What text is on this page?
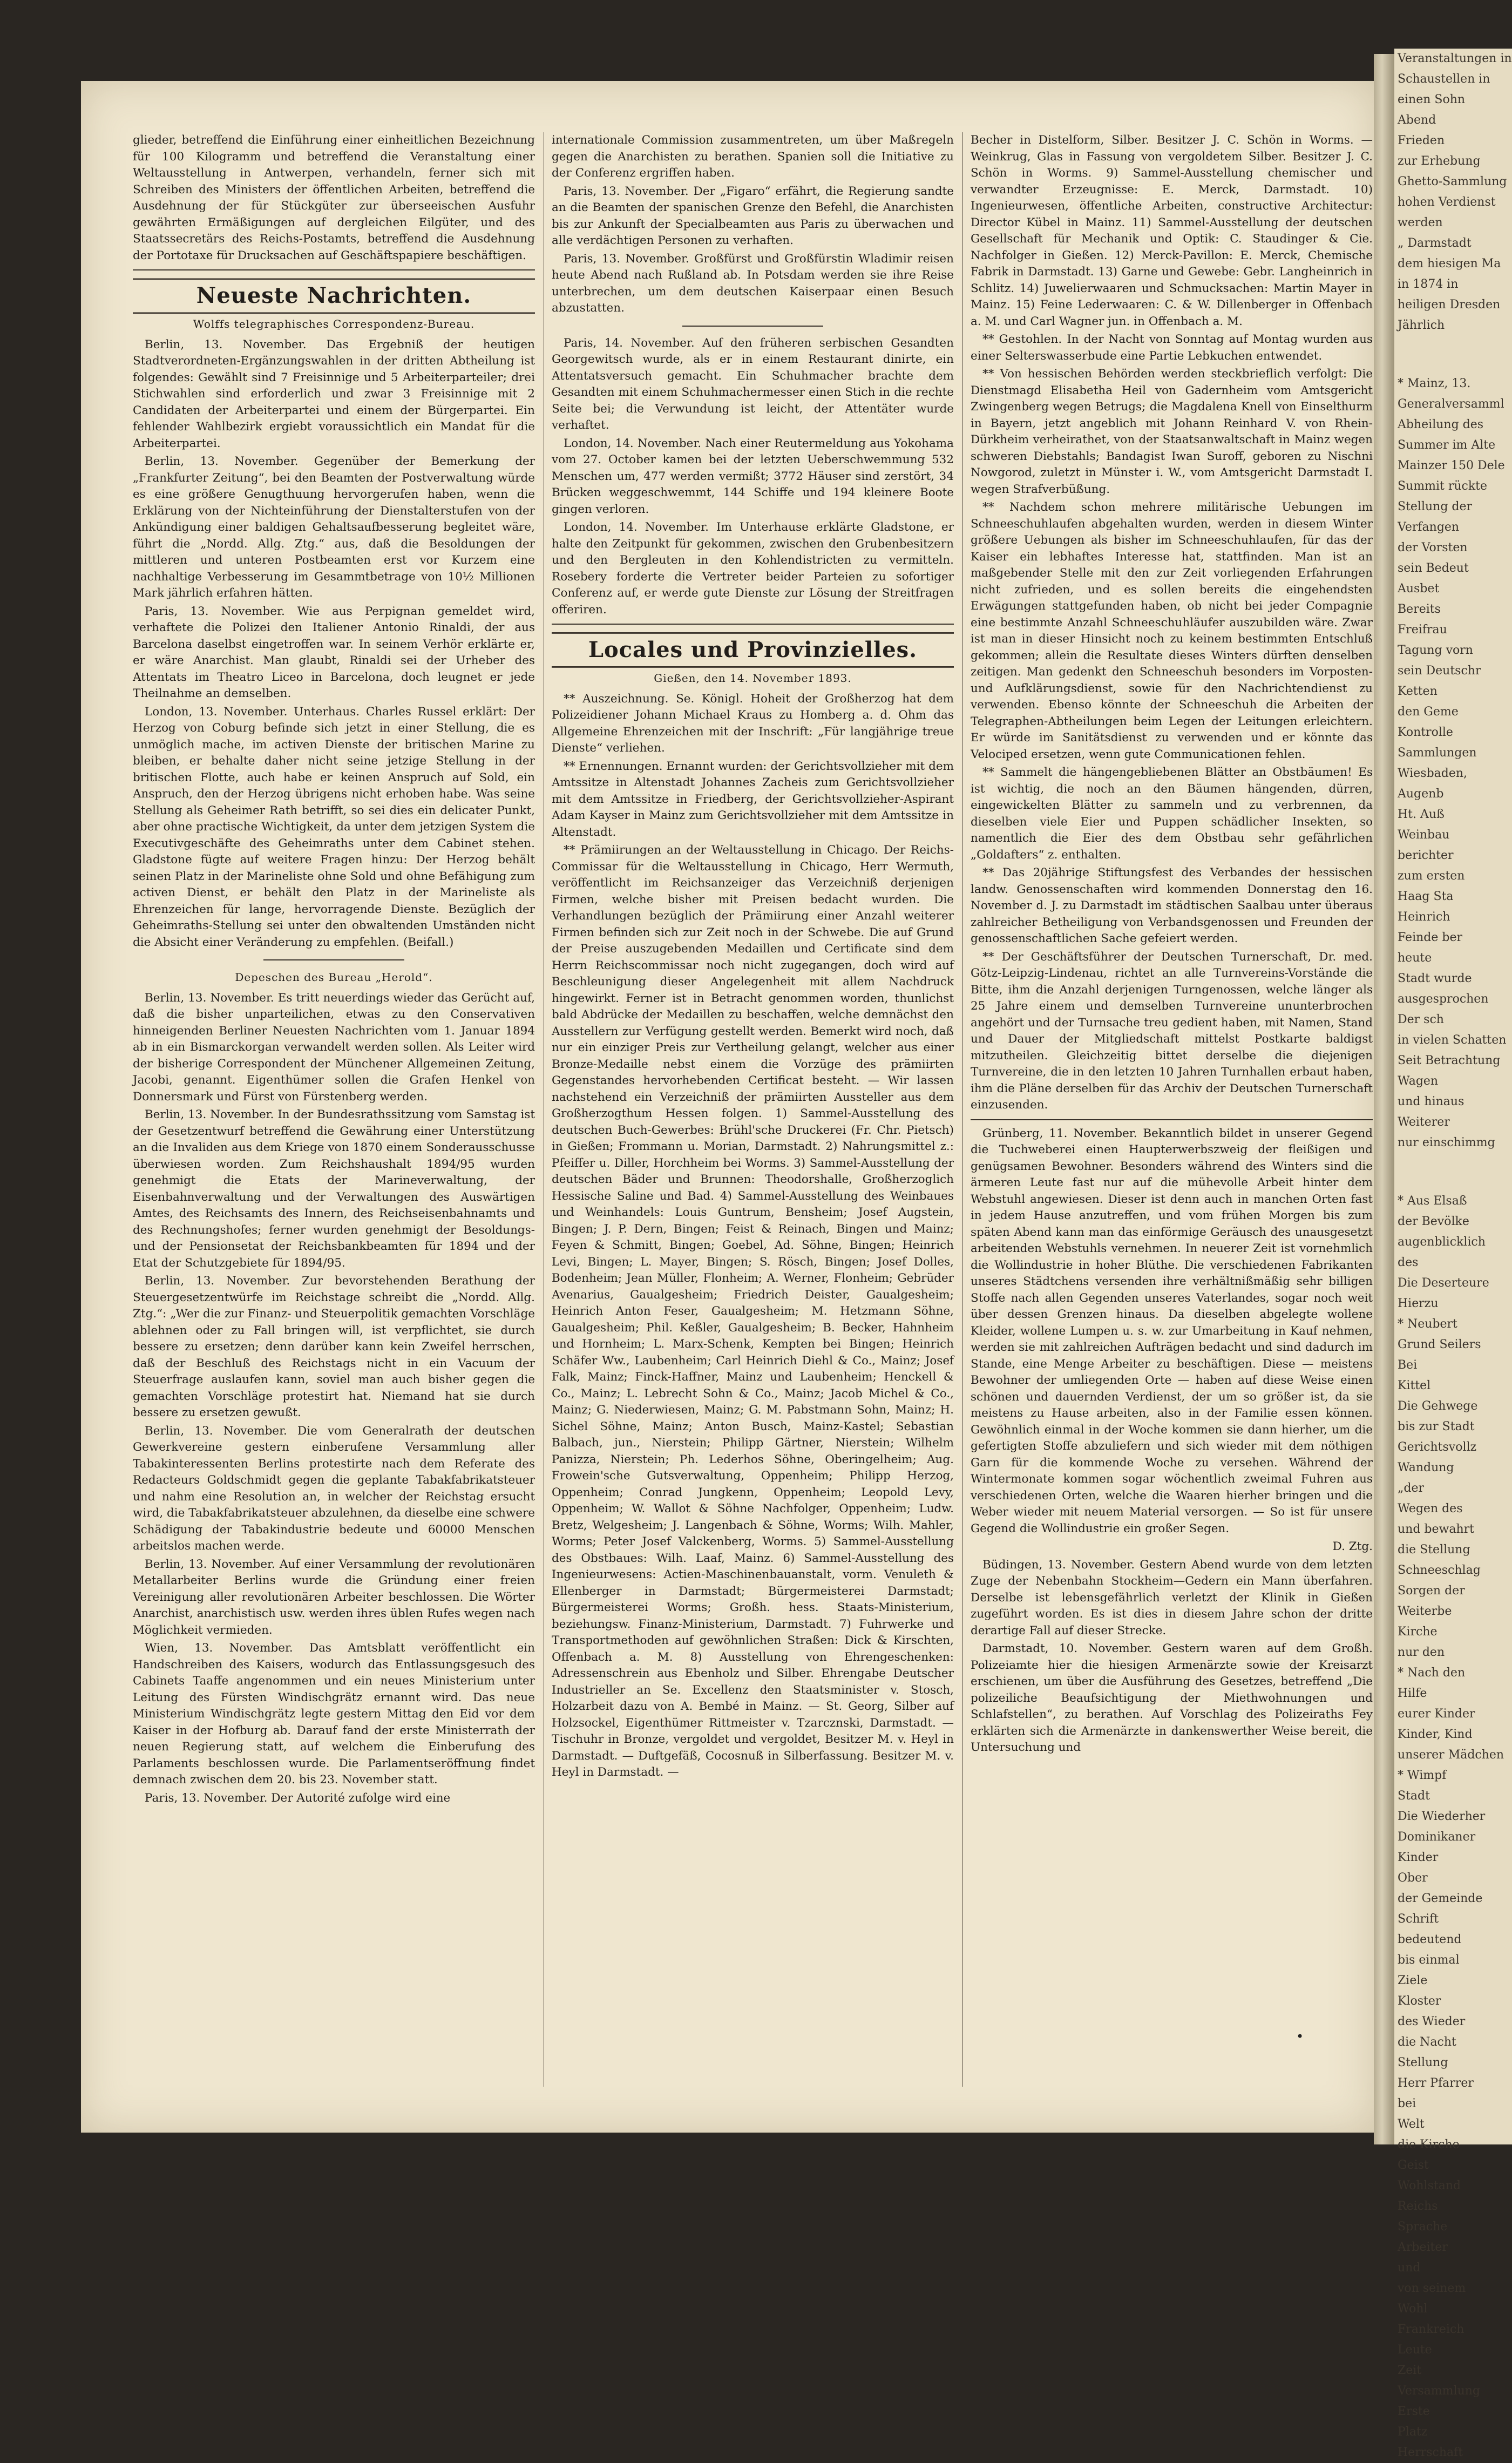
Veranstaltungen in
Schaustellen in
einen Sohn
Abend
Frieden
zur Erhebung
Ghetto-Sammlung
hohen Verdienst
werden
„ Darmstadt
dem hiesigen Ma
in 1874 in
heiligen Dresden
Jährlich
* Mainz, 13.
Generalversamml
Abheilung des
Summer im Alte
Mainzer 150 Dele
Summit rückte
Stellung der
Verfangen
der Vorsten
sein Bedeut
Ausbet
Bereits
Freifrau
Tagung vorn
sein Deutschr
Ketten
den Geme
Kontrolle
Sammlungen
Wiesbaden,
Augenb
Ht. Auß
Weinbau
berichter
zum ersten
Haag Sta
Heinrich
Feinde ber
heute
Stadt wurde
ausgesprochen
Der sch
in vielen Schatten
Seit Betrachtung
Wagen
und hinaus
Weiterer
nur einschimmg
* Aus Elsaß
der Bevölke
augenblicklich
des
Die Deserteure
Hierzu
* Neubert
Grund Seilers
Bei
Kittel
Die Gehwege
bis zur Stadt
Gerichtsvollz
Wandung
„der
Wegen des
und bewahrt
die Stellung
Schneeschlag
Sorgen der
Weiterbe
Kirche
nur den
* Nach den
Hilfe
eurer Kinder
Kinder, Kind
unserer Mädchen
* Wimpf
Stadt
Die Wiederher
Dominikaner
Kinder
Ober
der Gemeinde
Schrift
bedeutend
bis einmal
Ziele
Kloster
des Wieder
die Nacht
Stellung
Herr Pfarrer
bei
Welt
die Kirche
Geist
Wohlstand
Reichs
Sprache
Arbeiter
und
von seinem
Wohl
Frankreich
Leute
Zeit
Versammlung
Erste
Platz
Herrschaft

glieder, betreffend die Einführung einer einheitlichen Bezeichnung für 100 Kilogramm und betreffend die Veranstaltung einer Weltausstellung in Antwerpen, verhandeln, ferner sich mit Schreiben des Ministers der öffentlichen Arbeiten, betreffend die Ausdehnung der für Stückgüter zur überseeischen Ausfuhr gewährten Ermäßigungen auf dergleichen Eilgüter, und des Staatssecretärs des Reichs-Postamts, betreffend die Ausdehnung der Portotaxe für Drucksachen auf Geschäftspapiere beschäftigen.

Neueste Nachrichten.
Wolffs telegraphisches Correspondenz-Bureau.

Berlin, 13. November. Das Ergebniß der heutigen Stadtverordneten-Ergänzungswahlen in der dritten Abtheilung ist folgendes: Gewählt sind 7 Freisinnige und 5 Arbeiterparteiler; drei Stichwahlen sind erforderlich und zwar 3 Freisinnige mit 2 Candidaten der Arbeiterpartei und einem der Bürgerpartei. Ein fehlender Wahlbezirk ergiebt voraussichtlich ein Mandat für die Arbeiterpartei.

Berlin, 13. November. Gegenüber der Bemerkung der „Frankfurter Zeitung“, bei den Beamten der Postverwaltung würde es eine größere Genugthuung hervorgerufen haben, wenn die Erklärung von der Nichteinführung der Dienstalterstufen von der Ankündigung einer baldigen Gehaltsaufbesserung begleitet wäre, führt die „Nordd. Allg. Ztg.“ aus, daß die Besoldungen der mittleren und unteren Postbeamten erst vor Kurzem eine nachhaltige Verbesserung im Gesammtbetrage von 10½ Millionen Mark jährlich erfahren hätten.

Paris, 13. November. Wie aus Perpignan gemeldet wird, verhaftete die Polizei den Italiener Antonio Rinaldi, der aus Barcelona daselbst eingetroffen war. In seinem Verhör erklärte er, er wäre Anarchist. Man glaubt, Rinaldi sei der Urheber des Attentats im Theatro Liceo in Barcelona, doch leugnet er jede Theilnahme an demselben.

London, 13. November. Unterhaus. Charles Russel erklärt: Der Herzog von Coburg befinde sich jetzt in einer Stellung, die es unmöglich mache, im activen Dienste der britischen Marine zu bleiben, er behalte daher nicht seine jetzige Stellung in der britischen Flotte, auch habe er keinen Anspruch auf Sold, ein Anspruch, den der Herzog übrigens nicht erhoben habe. Was seine Stellung als Geheimer Rath betrifft, so sei dies ein delicater Punkt, aber ohne practische Wichtigkeit, da unter dem jetzigen System die Executivgeschäfte des Geheimraths unter dem Cabinet stehen. Gladstone fügte auf weitere Fragen hinzu: Der Herzog behält seinen Platz in der Marineliste ohne Sold und ohne Befähigung zum activen Dienst, er behält den Platz in der Marineliste als Ehrenzeichen für lange, hervorragende Dienste. Bezüglich der Geheimraths-Stellung sei unter den obwaltenden Umständen nicht die Absicht einer Veränderung zu empfehlen. (Beifall.)

Depeschen des Bureau „Herold“.

Berlin, 13. November. Es tritt neuerdings wieder das Gerücht auf, daß die bisher unparteilichen, etwas zu den Conservativen hinneigenden Berliner Neuesten Nachrichten vom 1. Januar 1894 ab in ein Bismarckorgan verwandelt werden sollen. Als Leiter wird der bisherige Correspondent der Münchener Allgemeinen Zeitung, Jacobi, genannt. Eigenthümer sollen die Grafen Henkel von Donnersmark und Fürst von Fürstenberg werden.

Berlin, 13. November. In der Bundesrathssitzung vom Samstag ist der Gesetzentwurf betreffend die Gewährung einer Unterstützung an die Invaliden aus dem Kriege von 1870 einem Sonderausschusse überwiesen worden. Zum Reichshaushalt 1894/95 wurden genehmigt die Etats der Marineverwaltung, der Eisenbahnverwaltung und der Verwaltungen des Auswärtigen Amtes, des Reichsamts des Innern, des Reichseisenbahnamts und des Rechnungshofes; ferner wurden genehmigt der Besoldungs- und der Pensionsetat der Reichsbankbeamten für 1894 und der Etat der Schutzgebiete für 1894/95.

Berlin, 13. November. Zur bevorstehenden Berathung der Steuergesetzentwürfe im Reichstage schreibt die „Nordd. Allg. Ztg.“: „Wer die zur Finanz- und Steuerpolitik gemachten Vorschläge ablehnen oder zu Fall bringen will, ist verpflichtet, sie durch bessere zu ersetzen; denn darüber kann kein Zweifel herrschen, daß der Beschluß des Reichstags nicht in ein Vacuum der Steuerfrage auslaufen kann, soviel man auch bisher gegen die gemachten Vorschläge protestirt hat. Niemand hat sie durch bessere zu ersetzen gewußt.

Berlin, 13. November. Die vom Generalrath der deutschen Gewerkvereine gestern einberufene Versammlung aller Tabakinteressenten Berlins protestirte nach dem Referate des Redacteurs Goldschmidt gegen die geplante Tabakfabrikatsteuer und nahm eine Resolution an, in welcher der Reichstag ersucht wird, die Tabakfabrikatsteuer abzulehnen, da dieselbe eine schwere Schädigung der Tabakindustrie bedeute und 60000 Menschen arbeitslos machen werde.

Berlin, 13. November. Auf einer Versammlung der revolutionären Metallarbeiter Berlins wurde die Gründung einer freien Vereinigung aller revolutionären Arbeiter beschlossen. Die Wörter Anarchist, anarchistisch usw. werden ihres üblen Rufes wegen nach Möglichkeit vermieden.

Wien, 13. November. Das Amtsblatt veröffentlicht ein Handschreiben des Kaisers, wodurch das Entlassungsgesuch des Cabinets Taaffe angenommen und ein neues Ministerium unter Leitung des Fürsten Windischgrätz ernannt wird. Das neue Ministerium Windischgrätz legte gestern Mittag den Eid vor dem Kaiser in der Hofburg ab. Darauf fand der erste Ministerrath der neuen Regierung statt, auf welchem die Einberufung des Parlaments beschlossen wurde. Die Parlamentseröffnung findet demnach zwischen dem 20. bis 23. November statt.

Paris, 13. November. Der Autorité zufolge wird eine

internationale Commission zusammentreten, um über Maßregeln gegen die Anarchisten zu berathen. Spanien soll die Initiative zu der Conferenz ergriffen haben.

Paris, 13. November. Der „Figaro“ erfährt, die Regierung sandte an die Beamten der spanischen Grenze den Befehl, die Anarchisten bis zur Ankunft der Specialbeamten aus Paris zu überwachen und alle verdächtigen Personen zu verhaften.

Paris, 13. November. Großfürst und Großfürstin Wladimir reisen heute Abend nach Rußland ab. In Potsdam werden sie ihre Reise unterbrechen, um dem deutschen Kaiserpaar einen Besuch abzustatten.

Paris, 14. November. Auf den früheren serbischen Gesandten Georgewitsch wurde, als er in einem Restaurant dinirte, ein Attentatsversuch gemacht. Ein Schuhmacher brachte dem Gesandten mit einem Schuhmachermesser einen Stich in die rechte Seite bei; die Verwundung ist leicht, der Attentäter wurde verhaftet.

London, 14. November. Nach einer Reutermeldung aus Yokohama vom 27. October kamen bei der letzten Ueberschwemmung 532 Menschen um, 477 werden vermißt; 3772 Häuser sind zerstört, 34 Brücken weggeschwemmt, 144 Schiffe und 194 kleinere Boote gingen verloren.

London, 14. November. Im Unterhause erklärte Gladstone, er halte den Zeitpunkt für gekommen, zwischen den Grubenbesitzern und den Bergleuten in den Kohlendistricten zu vermitteln. Rosebery forderte die Vertreter beider Parteien zu sofortiger Conferenz auf, er werde gute Dienste zur Lösung der Streitfragen offeriren.

Locales und Provinzielles.
Gießen, den 14. November 1893.

** Auszeichnung. Se. Königl. Hoheit der Großherzog hat dem Polizeidiener Johann Michael Kraus zu Homberg a. d. Ohm das Allgemeine Ehrenzeichen mit der Inschrift: „Für langjährige treue Dienste“ verliehen.

** Ernennungen. Ernannt wurden: der Gerichtsvollzieher mit dem Amtssitze in Altenstadt Johannes Zacheis zum Gerichtsvollzieher mit dem Amtssitze in Friedberg, der Gerichtsvollzieher-Aspirant Adam Kayser in Mainz zum Gerichtsvollzieher mit dem Amtssitze in Altenstadt.

** Prämiirungen an der Weltausstellung in Chicago. Der Reichs-Commissar für die Weltausstellung in Chicago, Herr Wermuth, veröffentlicht im Reichsanzeiger das Verzeichniß derjenigen Firmen, welche bisher mit Preisen bedacht wurden. Die Verhandlungen bezüglich der Prämiirung einer Anzahl weiterer Firmen befinden sich zur Zeit noch in der Schwebe. Die auf Grund der Preise auszugebenden Medaillen und Certificate sind dem Herrn Reichscommissar noch nicht zugegangen, doch wird auf Beschleunigung dieser Angelegenheit mit allem Nachdruck hingewirkt. Ferner ist in Betracht genommen worden, thunlichst bald Abdrücke der Medaillen zu beschaffen, welche demnächst den Ausstellern zur Verfügung gestellt werden. Bemerkt wird noch, daß nur ein einziger Preis zur Vertheilung gelangt, welcher aus einer Bronze-Medaille nebst einem die Vorzüge des prämiirten Gegenstandes hervorhebenden Certificat besteht. — Wir lassen nachstehend ein Verzeichniß der prämiirten Aussteller aus dem Großherzogthum Hessen folgen. 1) Sammel-Ausstellung des deutschen Buch-Gewerbes: Brühl'sche Druckerei (Fr. Chr. Pietsch) in Gießen; Frommann u. Morian, Darmstadt. 2) Nahrungsmittel z.: Pfeiffer u. Diller, Horchheim bei Worms. 3) Sammel-Ausstellung der deutschen Bäder und Brunnen: Theodorshalle, Großherzoglich Hessische Saline und Bad. 4) Sammel-Ausstellung des Weinbaues und Weinhandels: Louis Guntrum, Bensheim; Josef Augstein, Bingen; J. P. Dern, Bingen; Feist & Reinach, Bingen und Mainz; Feyen & Schmitt, Bingen; Goebel, Ad. Söhne, Bingen; Heinrich Levi, Bingen; L. Mayer, Bingen; S. Rösch, Bingen; Josef Dolles, Bodenheim; Jean Müller, Flonheim; A. Werner, Flonheim; Gebrüder Avenarius, Gaualgesheim; Friedrich Deister, Gaualgesheim; Heinrich Anton Feser, Gaualgesheim; M. Hetzmann Söhne, Gaualgesheim; Phil. Keßler, Gaualgesheim; B. Becker, Hahnheim und Hornheim; L. Marx-Schenk, Kempten bei Bingen; Heinrich Schäfer Ww., Laubenheim; Carl Heinrich Diehl & Co., Mainz; Josef Falk, Mainz; Finck-Haffner, Mainz und Laubenheim; Henckell & Co., Mainz; L. Lebrecht Sohn & Co., Mainz; Jacob Michel & Co., Mainz; G. Niederwiesen, Mainz; G. M. Pabstmann Sohn, Mainz; H. Sichel Söhne, Mainz; Anton Busch, Mainz-Kastel; Sebastian Balbach, jun., Nierstein; Philipp Gärtner, Nierstein; Wilhelm Panizza, Nierstein; Ph. Lederhos Söhne, Oberingelheim; Aug. Frowein'sche Gutsverwaltung, Oppenheim; Philipp Herzog, Oppenheim; Conrad Jungkenn, Oppenheim; Leopold Levy, Oppenheim; W. Wallot & Söhne Nachfolger, Oppenheim; Ludw. Bretz, Welgesheim; J. Langenbach & Söhne, Worms; Wilh. Mahler, Worms; Peter Josef Valckenberg, Worms. 5) Sammel-Ausstellung des Obstbaues: Wilh. Laaf, Mainz. 6) Sammel-Ausstellung des Ingenieurwesens: Actien-Maschinenbauanstalt, vorm. Venuleth & Ellenberger in Darmstadt; Bürgermeisterei Darmstadt; Bürgermeisterei Worms; Großh. hess. Staats-Ministerium, beziehungsw. Finanz-Ministerium, Darmstadt. 7) Fuhrwerke und Transportmethoden auf gewöhnlichen Straßen: Dick & Kirschten, Offenbach a. M. 8) Ausstellung von Ehrengeschenken: Adressenschrein aus Ebenholz und Silber. Ehrengabe Deutscher Industrieller an Se. Excellenz den Staatsminister v. Stosch, Holzarbeit dazu von A. Bembé in Mainz. — St. Georg, Silber auf Holzsockel, Eigenthümer Rittmeister v. Tzarcznski, Darmstadt. — Tischuhr in Bronze, vergoldet und vergoldet, Besitzer M. v. Heyl in Darmstadt. — Duftgefäß, Cocosnuß in Silberfassung. Besitzer M. v. Heyl in Darmstadt. —

Becher in Distelform, Silber. Besitzer J. C. Schön in Worms. — Weinkrug, Glas in Fassung von vergoldetem Silber. Besitzer J. C. Schön in Worms. 9) Sammel-Ausstellung chemischer und verwandter Erzeugnisse: E. Merck, Darmstadt. 10) Ingenieurwesen, öffentliche Arbeiten, constructive Architectur: Director Kübel in Mainz. 11) Sammel-Ausstellung der deutschen Gesellschaft für Mechanik und Optik: C. Staudinger & Cie. Nachfolger in Gießen. 12) Merck-Pavillon: E. Merck, Chemische Fabrik in Darmstadt. 13) Garne und Gewebe: Gebr. Langheinrich in Schlitz. 14) Juwelierwaaren und Schmucksachen: Martin Mayer in Mainz. 15) Feine Lederwaaren: C. & W. Dillenberger in Offenbach a. M. und Carl Wagner jun. in Offenbach a. M.

** Gestohlen. In der Nacht von Sonntag auf Montag wurden aus einer Selterswasserbude eine Partie Lebkuchen entwendet.

** Von hessischen Behörden werden steckbrieflich verfolgt: Die Dienstmagd Elisabetha Heil von Gadernheim vom Amtsgericht Zwingenberg wegen Betrugs; die Magdalena Knell von Einselthurm in Bayern, jetzt angeblich mit Johann Reinhard V. von Rhein-Dürkheim verheirathet, von der Staatsanwaltschaft in Mainz wegen schweren Diebstahls; Bandagist Iwan Suroff, geboren zu Nischni Nowgorod, zuletzt in Münster i. W., vom Amtsgericht Darmstadt I. wegen Strafverbüßung.

** Nachdem schon mehrere militärische Uebungen im Schneeschuhlaufen abgehalten wurden, werden in diesem Winter größere Uebungen als bisher im Schneeschuhlaufen, für das der Kaiser ein lebhaftes Interesse hat, stattfinden. Man ist an maßgebender Stelle mit den zur Zeit vorliegenden Erfahrungen nicht zufrieden, und es sollen bereits die eingehendsten Erwägungen stattgefunden haben, ob nicht bei jeder Compagnie eine bestimmte Anzahl Schneeschuhläufer auszubilden wäre. Zwar ist man in dieser Hinsicht noch zu keinem bestimmten Entschluß gekommen; allein die Resultate dieses Winters dürften denselben zeitigen. Man gedenkt den Schneeschuh besonders im Vorposten- und Aufklärungsdienst, sowie für den Nachrichtendienst zu verwenden. Ebenso könnte der Schneeschuh die Arbeiten der Telegraphen-Abtheilungen beim Legen der Leitungen erleichtern. Er würde im Sanitätsdienst zu verwenden und er könnte das Velociped ersetzen, wenn gute Communicationen fehlen.

** Sammelt die hängengebliebenen Blätter an Obstbäumen! Es ist wichtig, die noch an den Bäumen hängenden, dürren, eingewickelten Blätter zu sammeln und zu verbrennen, da dieselben viele Eier und Puppen schädlicher Insekten, so namentlich die Eier des dem Obstbau sehr gefährlichen „Goldafters“ z. enthalten.

** Das 20jährige Stiftungsfest des Verbandes der hessischen landw. Genossenschaften wird kommenden Donnerstag den 16. November d. J. zu Darmstadt im städtischen Saalbau unter überaus zahlreicher Betheiligung von Verbandsgenossen und Freunden der genossenschaftlichen Sache gefeiert werden.

** Der Geschäftsführer der Deutschen Turnerschaft, Dr. med. Götz-Leipzig-Lindenau, richtet an alle Turnvereins-Vorstände die Bitte, ihm die Anzahl derjenigen Turngenossen, welche länger als 25 Jahre einem und demselben Turnvereine ununterbrochen angehört und der Turnsache treu gedient haben, mit Namen, Stand und Dauer der Mitgliedschaft mittelst Postkarte baldigst mitzutheilen. Gleichzeitig bittet derselbe die diejenigen Turnvereine, die in den letzten 10 Jahren Turnhallen erbaut haben, ihm die Pläne derselben für das Archiv der Deutschen Turnerschaft einzusenden.

Grünberg, 11. November. Bekanntlich bildet in unserer Gegend die Tuchweberei einen Haupterwerbszweig der fleißigen und genügsamen Bewohner. Besonders während des Winters sind die ärmeren Leute fast nur auf die mühevolle Arbeit hinter dem Webstuhl angewiesen. Dieser ist denn auch in manchen Orten fast in jedem Hause anzutreffen, und vom frühen Morgen bis zum späten Abend kann man das einförmige Geräusch des unausgesetzt arbeitenden Webstuhls vernehmen. In neuerer Zeit ist vornehmlich die Wollindustrie in hoher Blüthe. Die verschiedenen Fabrikanten unseres Städtchens versenden ihre verhältnißmäßig sehr billigen Stoffe nach allen Gegenden unseres Vaterlandes, sogar noch weit über dessen Grenzen hinaus. Da dieselben abgelegte wollene Kleider, wollene Lumpen u. s. w. zur Umarbeitung in Kauf nehmen, werden sie mit zahlreichen Aufträgen bedacht und sind dadurch im Stande, eine Menge Arbeiter zu beschäftigen. Diese — meistens Bewohner der umliegenden Orte — haben auf diese Weise einen schönen und dauernden Verdienst, der um so größer ist, da sie meistens zu Hause arbeiten, also in der Familie essen können. Gewöhnlich einmal in der Woche kommen sie dann hierher, um die gefertigten Stoffe abzuliefern und sich wieder mit dem nöthigen Garn für die kommende Woche zu versehen. Während der Wintermonate kommen sogar wöchentlich zweimal Fuhren aus verschiedenen Orten, welche die Waaren hierher bringen und die Weber wieder mit neuem Material versorgen. — So ist für unsere Gegend die Wollindustrie ein großer Segen.

D. Ztg.

Büdingen, 13. November. Gestern Abend wurde von dem letzten Zuge der Nebenbahn Stockheim—Gedern ein Mann überfahren. Derselbe ist lebensgefährlich verletzt der Klinik in Gießen zugeführt worden. Es ist dies in diesem Jahre schon der dritte derartige Fall auf dieser Strecke.

Darmstadt, 10. November. Gestern waren auf dem Großh. Polizeiamte hier die hiesigen Armenärzte sowie der Kreisarzt erschienen, um über die Ausführung des Gesetzes, betreffend „Die polizeiliche Beaufsichtigung der Miethwohnungen und Schlafstellen“, zu berathen. Auf Vorschlag des Polizeiraths Fey erklärten sich die Armenärzte in dankenswerther Weise bereit, die Untersuchung und

•
